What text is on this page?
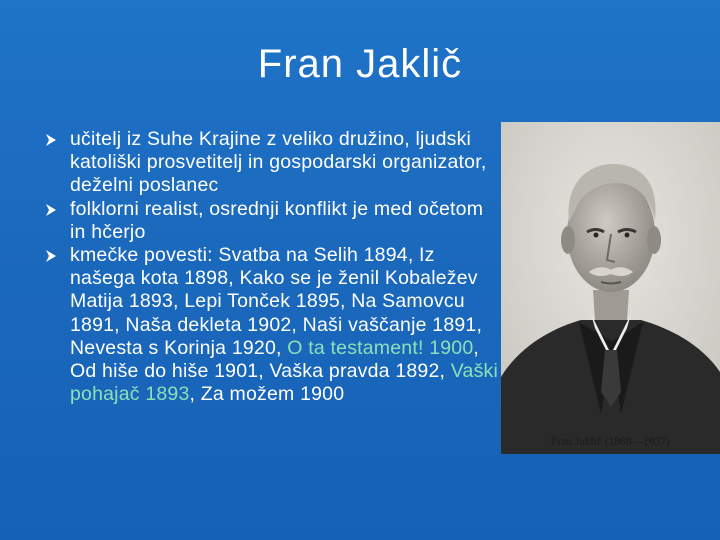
Fran Jaklič
učitelj iz Suhe Krajine z veliko družino, ljudski katoliški prosvetitelj in gospodarski organizator, deželni poslanec
folklorni realist, osrednji konflikt je med očetom in hčerjo
kmečke povesti: Svatba na Selih 1894, Iz našega kota 1898, Kako se je ženil Kobaležev Matija 1893, Lepi Tonček 1895, Na Samovcu 1891, Naša dekleta 1902, Naši vaščanje 1891, Nevesta s Korinja 1920, O ta testament! 1900, Od hiše do hiše 1901, Vaška pravda 1892, Vaški pohajač 1893, Za možem 1900
Fran Jaklič (1868—1937)
